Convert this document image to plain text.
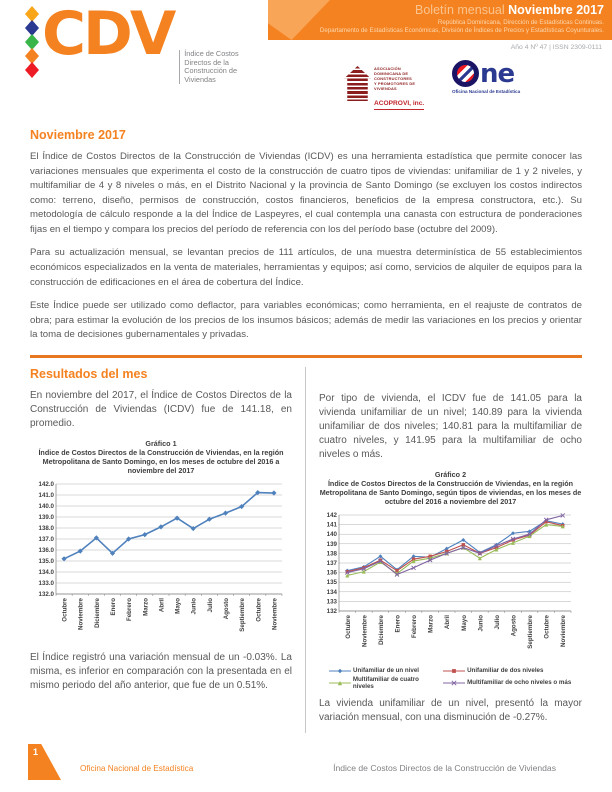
Boletín mensual Noviembre 2017
República Dominicana, Dirección de Estadísticas Continuas.
Departamento de Estadísticas Económicas, División de Índices de Precios y Estadísticas Coyunturales.
Año 4 Nº 47 | ISSN 2309-0111
CDV Índice de Costos
Directos de la
Construcción de
Viviendas
ASOCIACIÓN
DOMINICANA DE
CONSTRUCTORES
Y PROMOTORES DE
VIVIENDAS
ACOPROVI, inc.
ne
Oficina Nacional de Estadística
Noviembre 2017

El Índice de Costos Directos de la Construcción de Viviendas (ICDV) es una herramienta estadística que permite conocer las variaciones mensuales que experimenta el costo de la construcción de cuatro tipos de viviendas: unifamiliar de 1 y 2 niveles, y multifamiliar de 4 y 8 niveles o más, en el Distrito Nacional y la provincia de Santo Domingo (se excluyen los costos indirectos como: terreno, diseño, permisos de construcción, costos financieros, beneficios de la empresa constructora, etc.). Su metodología de cálculo responde a la del Índice de Laspeyres, el cual contempla una canasta con estructura de ponderaciones fijas en el tiempo y compara los precios del período de referencia con los del período base (octubre del 2009).

Para su actualización mensual, se levantan precios de 111 artículos, de una muestra determinística de 55 establecimientos económicos especializados en la venta de materiales, herramientas y equipos; así como, servicios de alquiler de equipos para la construcción de edificaciones en el área de cobertura del Índice.

Este Índice puede ser utilizado como deflactor, para variables económicas; como herramienta, en el reajuste de contratos de obra; para estimar la evolución de los precios de los insumos básicos; además de medir las variaciones en los precios y orientar la toma de decisiones gubernamentales y privadas.

Resultados del mes

En noviembre del 2017, el Índice de Costos Directos de la Construcción de Viviendas (ICDV) fue de 141.18, en promedio.

Gráfico 1
Índice de Costos Directos de la Construcción de Viviendas, en la región Metropolitana de Santo Domingo, en los meses de octubre del 2016 a noviembre del 2017
132.0
133.0
134.0
135.0
136.0
137.0
138.0
139.0
140.0
141.0
142.0
Octubre Noviembre Diciembre Enero Febrero Marzo Abril Mayo Junio Julio Agosto Septiembre Octubre Noviembre

El Índice registró una variación mensual de un -0.03%. La misma, es inferior en comparación con la presentada en el mismo periodo del año anterior, que fue de un 0.51%.

Por tipo de vivienda, el ICDV fue de 141.05 para la vivienda unifamiliar de un nivel; 140.89 para la vivienda unifamiliar de dos niveles; 140.81 para la multifamiliar de cuatro niveles, y 141.95 para la multifamiliar de ocho niveles o más.

Gráfico 2
Índice de Costos Directos de la Construcción de Viviendas, en la región Metropolitana de Santo Domingo, según tipos de viviendas, en los meses de octubre del 2016 a noviembre del 2017
132
133
134
135
136
137
138
139
140
141
142
Octubre Noviembre Diciembre Enero Febrero Marzo Abril Mayo Junio Julio Agosto Septiembre Octubre Noviembre
Unifamiliar de un nivel	Unifamiliar de dos niveles
Multifamiliar de cuatro niveles	Multifamiliar de ocho niveles o más

La vivienda unifamiliar de un nivel, presentó la mayor variación mensual, con una disminución de -0.27%.

1
Oficina Nacional de Estadística	Índice de Costos Directos de la Construcción de Viviendas
